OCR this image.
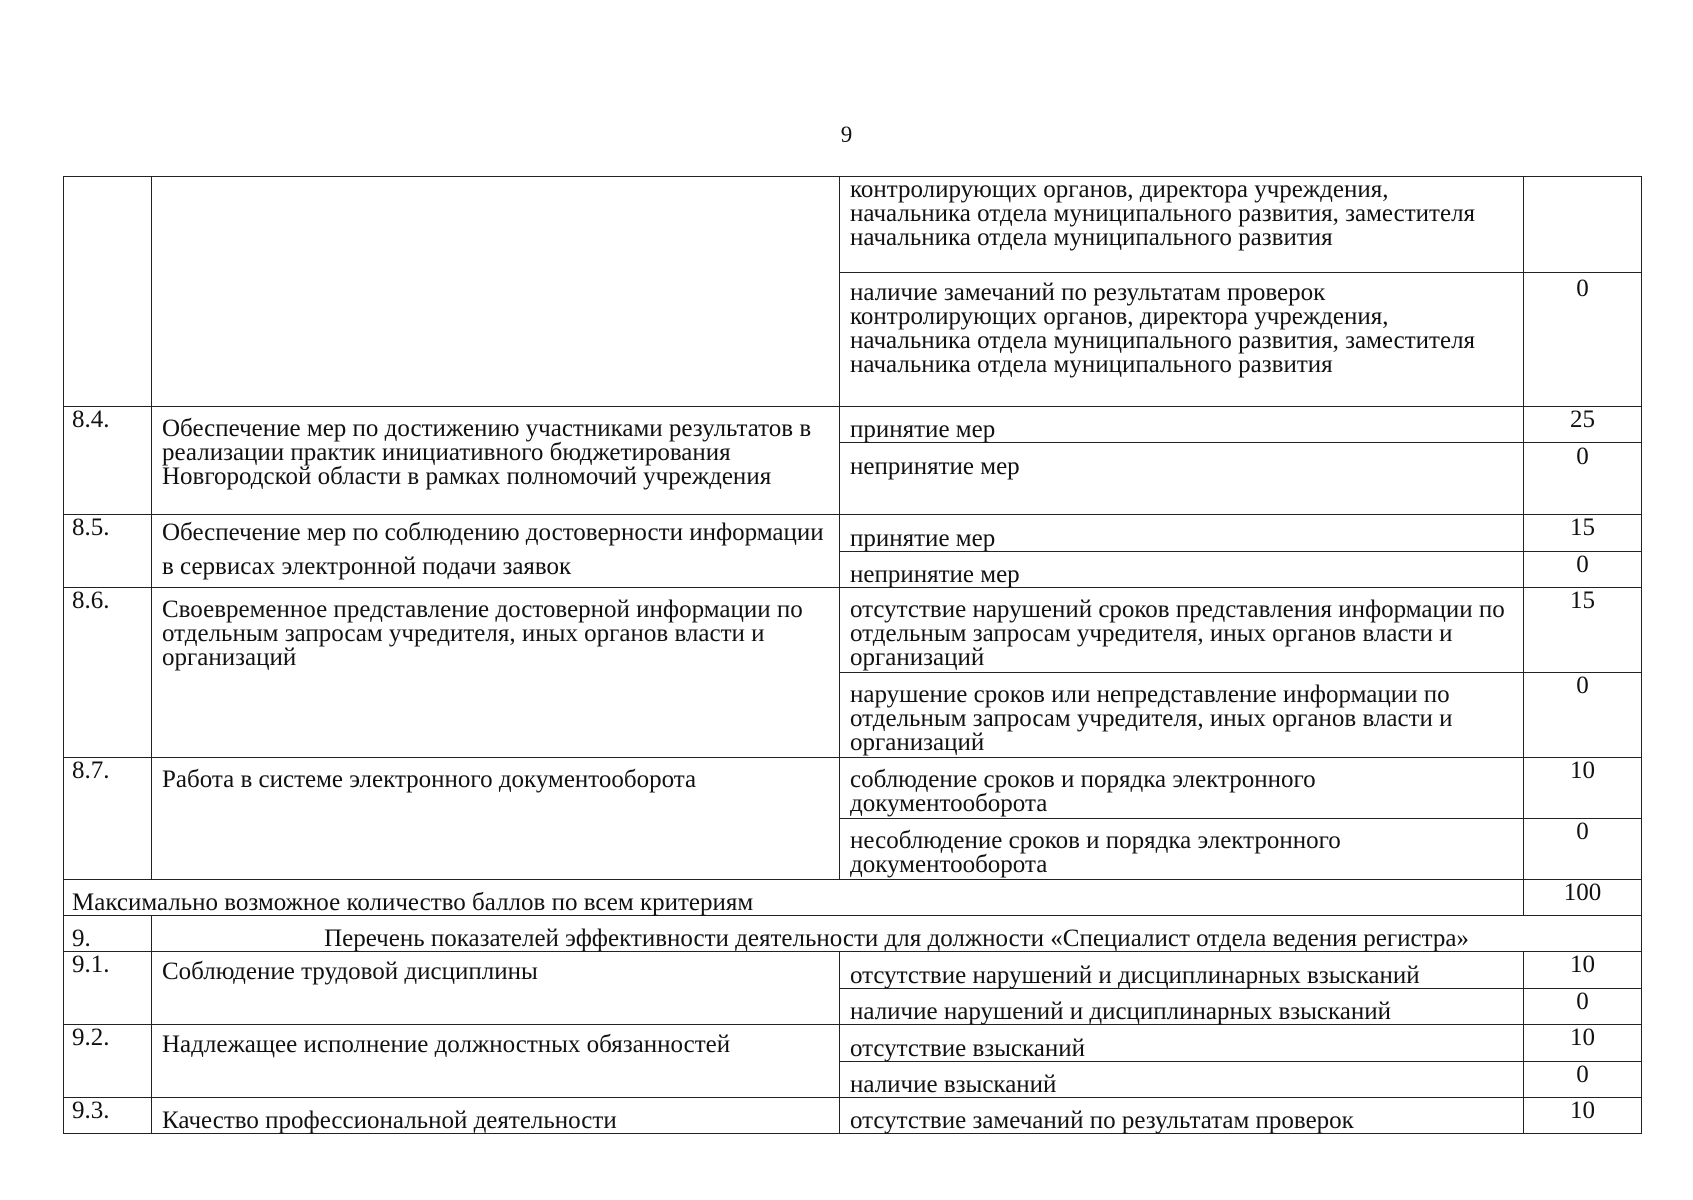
9
		контролирующих органов, директора учреждения, начальника отдела муниципального развития, заместителя начальника отдела муниципального развития	
		наличие замечаний по результатам проверок контролирующих органов, директора учреждения, начальника отдела муниципального развития, заместителя начальника отдела муниципального развития	0
8.4.	Обеспечение мер по достижению участниками результатов в реализации практик инициативного бюджетирования Новгородской области в рамках полномочий учреждения	принятие мер	25
		непринятие мер	0
8.5.	Обеспечение мер по соблюдению достоверности информации в сервисах электронной подачи заявок	принятие мер	15
		непринятие мер	0
8.6.	Своевременное представление достоверной информации по отдельным запросам учредителя, иных органов власти и организаций	отсутствие нарушений сроков представления информации по отдельным запросам учредителя, иных органов власти и организаций	15
		нарушение сроков или непредставление информации по отдельным запросам учредителя, иных органов власти и организаций	0
8.7.	Работа в системе электронного документооборота	соблюдение сроков и порядка электронного документооборота	10
		несоблюдение сроков и порядка электронного документооборота	0
Максимально возможное количество баллов по всем критериям			100
9.	Перечень показателей эффективности деятельности для должности «Специалист отдела ведения регистра»		
9.1.	Соблюдение трудовой дисциплины	отсутствие нарушений и дисциплинарных взысканий	10
		наличие нарушений и дисциплинарных взысканий	0
9.2.	Надлежащее исполнение должностных обязанностей	отсутствие взысканий	10
		наличие взысканий	0
9.3.	Качество профессиональной деятельности	отсутствие замечаний по результатам проверок	10
